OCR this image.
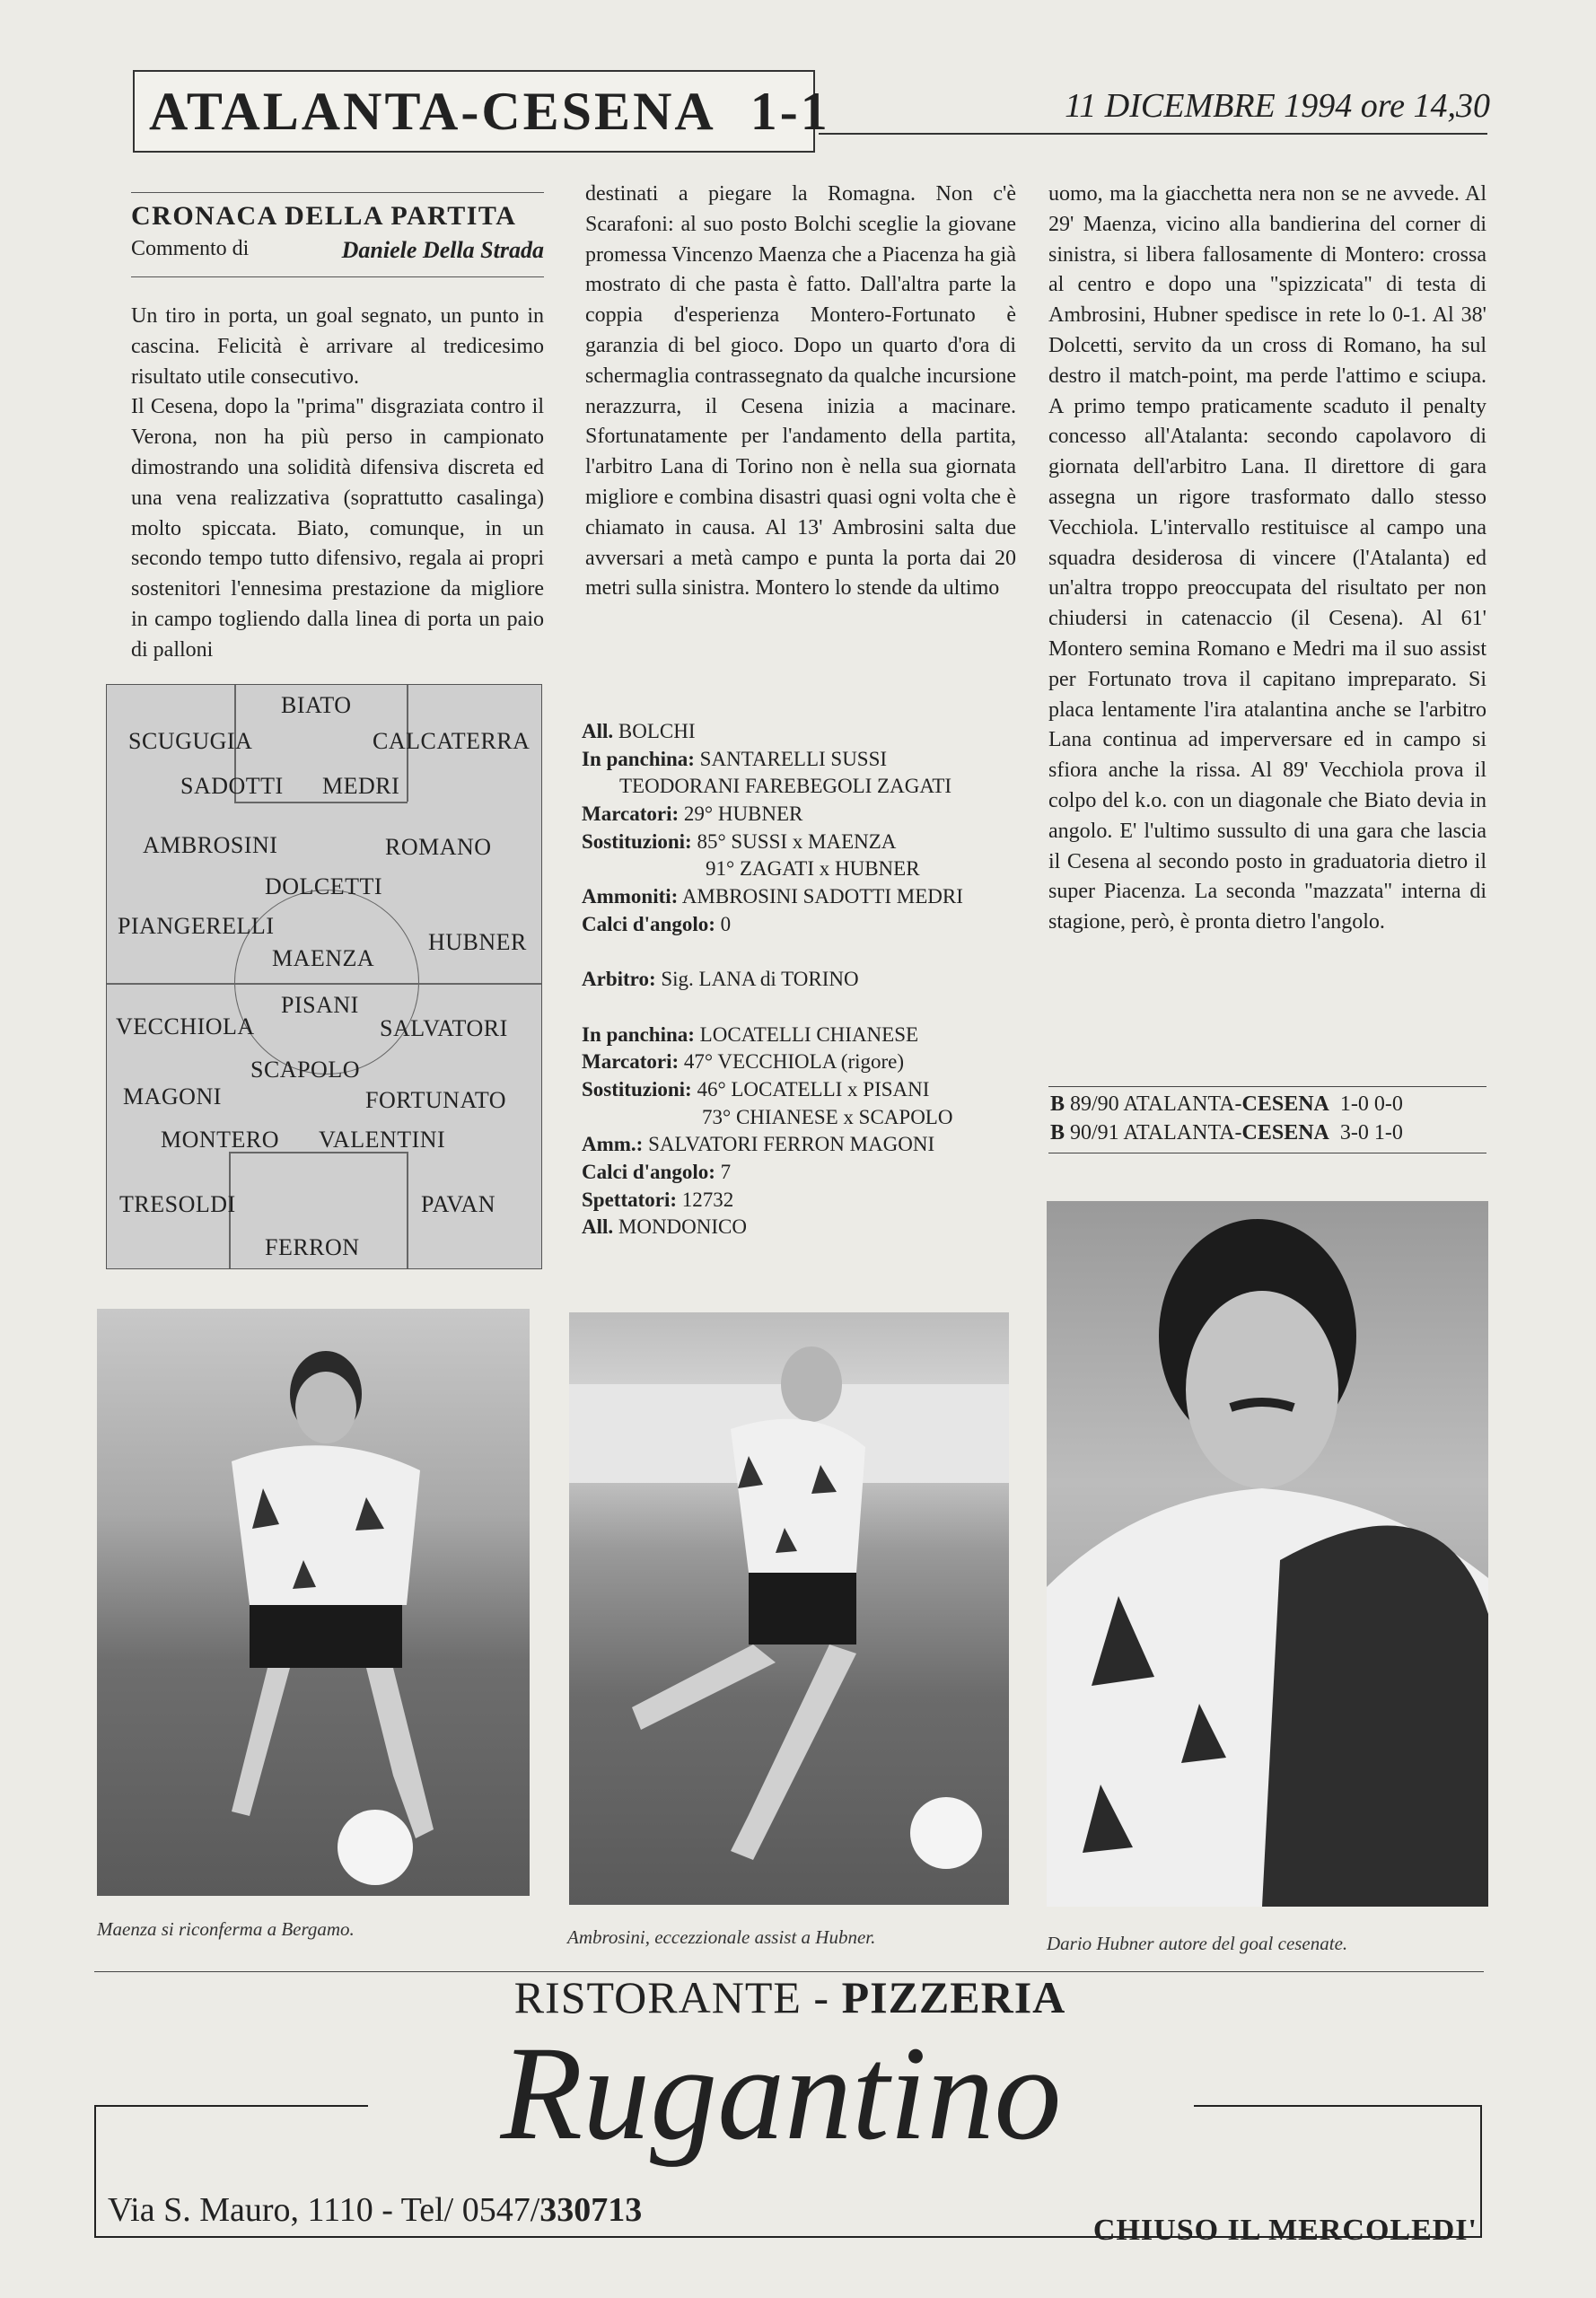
ATALANTA-CESENA 1-1	11 DICEMBRE 1994 ore 14,30
CRONACA DELLA PARTITA
Commento di	Daniele Della Strada

Un tiro in porta, un goal segnato, un punto in cascina. Felicità è arrivare al tredicesimo risultato utile consecutivo.

Il Cesena, dopo la "prima" disgraziata contro il Verona, non ha più perso in campionato dimostrando una solidità difensiva discreta ed una vena realizzativa (soprattutto casalinga) molto spiccata. Biato, comunque, in un secondo tempo tutto difensivo, regala ai propri sostenitori l'ennesima prestazione da migliore in campo togliendo dalla linea di porta un paio di palloni

destinati a piegare la Romagna. Non c'è Scarafoni: al suo posto Bolchi sceglie la giovane promessa Vincenzo Maenza che a Piacenza ha già mostrato di che pasta è fatto. Dall'altra parte la coppia d'esperienza Montero-Fortunato è garanzia di bel gioco. Dopo un quarto d'ora di schermaglia contrassegnato da qualche incursione nerazzurra, il Cesena inizia a macinare. Sfortunatamente per l'andamento della partita, l'arbitro Lana di Torino non è nella sua giornata migliore e combina disastri quasi ogni volta che è chiamato in causa. Al 13' Ambrosini salta due avversari a metà campo e punta la porta dai 20 metri sulla sinistra. Montero lo stende da ultimo

uomo, ma la giacchetta nera non se ne avvede. Al 29' Maenza, vicino alla bandierina del corner di sinistra, si libera fallosamente di Montero: crossa al centro e dopo una "spizzicata" di testa di Ambrosini, Hubner spedisce in rete lo 0-1. Al 38' Dolcetti, servito da un cross di Romano, ha sul destro il match-point, ma perde l'attimo e sciupa. A primo tempo praticamente scaduto il penalty concesso all'Atalanta: secondo capolavoro di giornata dell'arbitro Lana. Il direttore di gara assegna un rigore trasformato dallo stesso Vecchiola. L'intervallo restituisce al campo una squadra desiderosa di vincere (l'Atalanta) ed un'altra troppo preoccupata del risultato per non chiudersi in catenaccio (il Cesena). Al 61' Montero semina Romano e Medri ma il suo assist per Fortunato trova il capitano impreparato. Si placa lentamente l'ira atalantina anche se l'arbitro Lana continua ad imperversare ed in campo si sfiora anche la rissa. Al 89' Vecchiola prova il colpo del k.o. con un diagonale che Biato devia in angolo. E' l'ultimo sussulto di una gara che lascia il Cesena al secondo posto in graduatoria dietro il super Piacenza. La seconda "mazzata" interna di stagione, però, è pronta dietro l'angolo.

BIATO
SCUGUGIA	CALCATERRA
SADOTTI MEDRI
AMBROSINI	ROMANO
DOLCETTI
PIANGERELLI
HUBNER
MAENZA
PISANI
VECCHIOLA	SALVATORI
SCAPOLO
MAGONI	FORTUNATO
MONTERO VALENTINI
TRESOLDI	PAVAN
FERRON
All. BOLCHI
In panchina: SANTARELLI SUSSI
TEODORANI FAREBEGOLI ZAGATI
Marcatori: 29° HUBNER
Sostituzioni: 85° SUSSI x MAENZA
91° ZAGATI x HUBNER
Ammoniti: AMBROSINI SADOTTI MEDRI
Calci d'angolo: 0
Arbitro: Sig. LANA di TORINO
In panchina: LOCATELLI CHIANESE
Marcatori: 47° VECCHIOLA (rigore)
Sostituzioni: 46° LOCATELLI x PISANI
73° CHIANESE x SCAPOLO
Amm.: SALVATORI FERRON MAGONI
Calci d'angolo: 7
Spettatori: 12732
All. MONDONICO
B 89/90 ATALANTA-CESENA 1-0 0-0
B 90/91 ATALANTA-CESENA 3-0 1-0
Maenza si riconferma a Bergamo.	Ambrosini, eccezzionale assist a Hubner.	Dario Hubner autore del goal cesenate.
RISTORANTE - PIZZERIA
Rugantino
Via S. Mauro, 1110 - Tel/ 0547/330713
CHIUSO IL MERCOLEDI'
